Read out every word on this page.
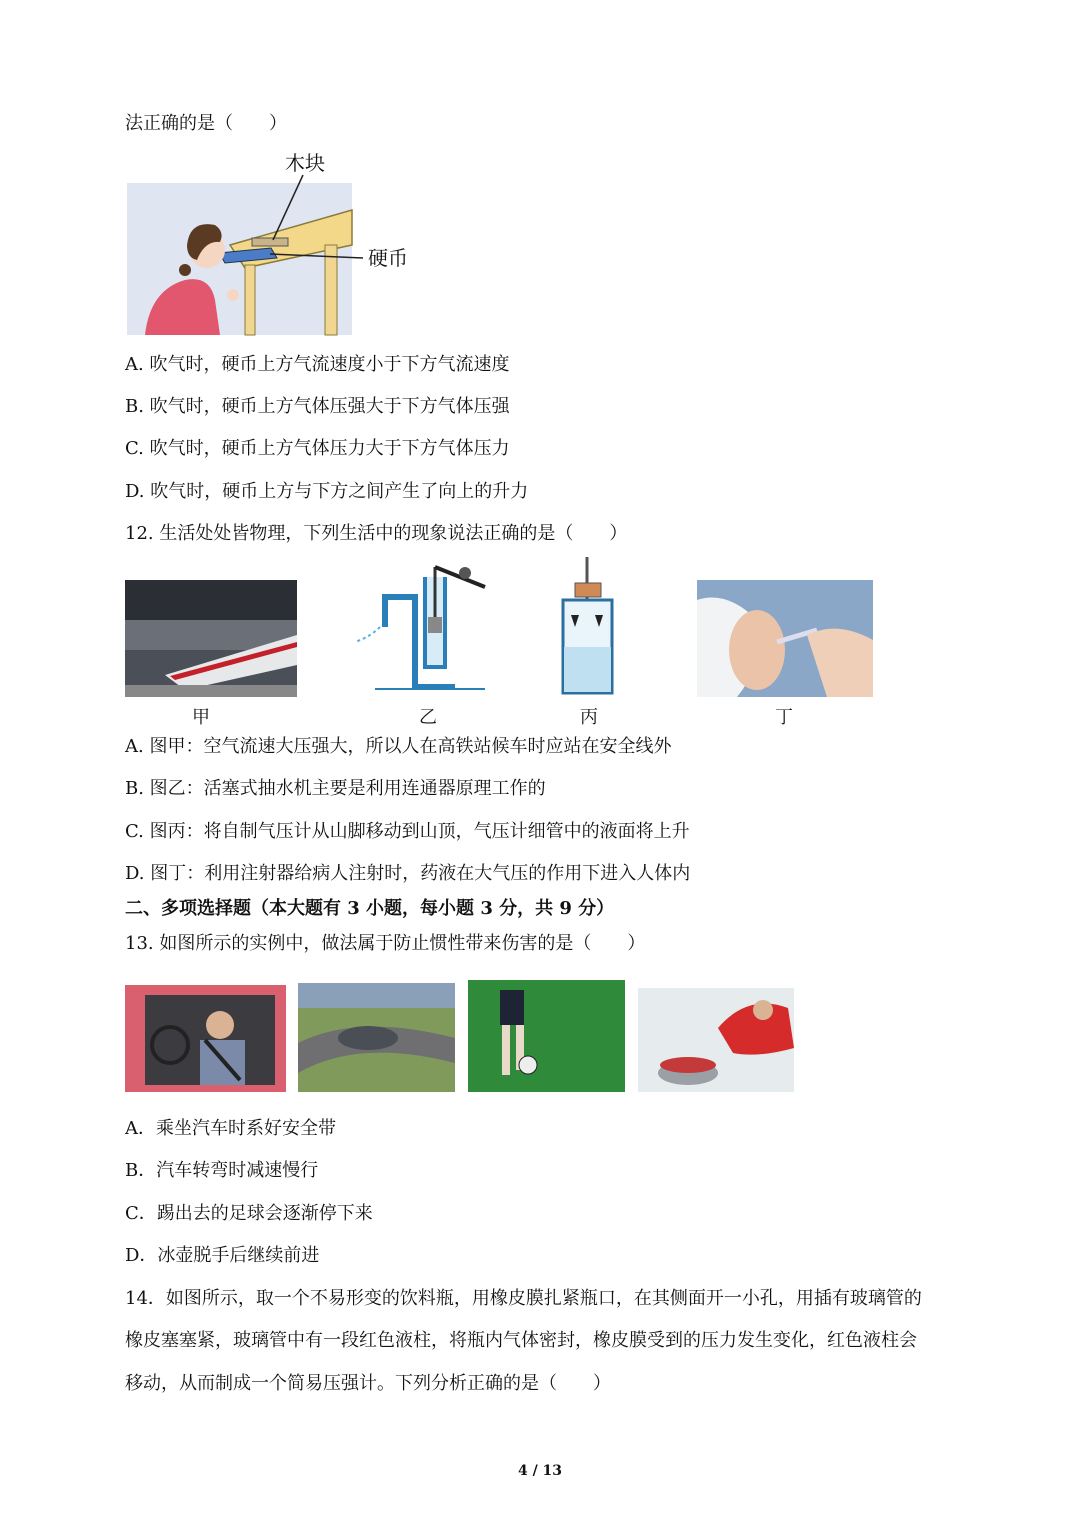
法正确的是（　　）
木块
硬币
A. 吹气时，硬币上方气流速度小于下方气流速度
B. 吹气时，硬币上方气体压强大于下方气体压强
C. 吹气时，硬币上方气体压力大于下方气体压力
D. 吹气时，硬币上方与下方之间产生了向上的升力
12. 生活处处皆物理，下列生活中的现象说法正确的是（　　）
甲	乙	丙	丁
A. 图甲：空气流速大压强大，所以人在高铁站候车时应站在安全线外
B. 图乙：活塞式抽水机主要是利用连通器原理工作的
C. 图丙：将自制气压计从山脚移动到山顶，气压计细管中的液面将上升
D. 图丁：利用注射器给病人注射时，药液在大气压的作用下进入人体内
二、多项选择题（本大题有 3 小题，每小题 3 分，共 9 分）
13. 如图所示的实例中，做法属于防止惯性带来伤害的是（　　）
A．乘坐汽车时系好安全带
B．汽车转弯时减速慢行
C．踢出去的足球会逐渐停下来
D．冰壶脱手后继续前进
14．如图所示，取一个不易形变的饮料瓶，用橡皮膜扎紧瓶口，在其侧面开一小孔，用插有玻璃管的
橡皮塞塞紧，玻璃管中有一段红色液柱，将瓶内气体密封，橡皮膜受到的压力发生变化，红色液柱会
移动，从而制成一个简易压强计。下列分析正确的是（　　）
4 / 13
